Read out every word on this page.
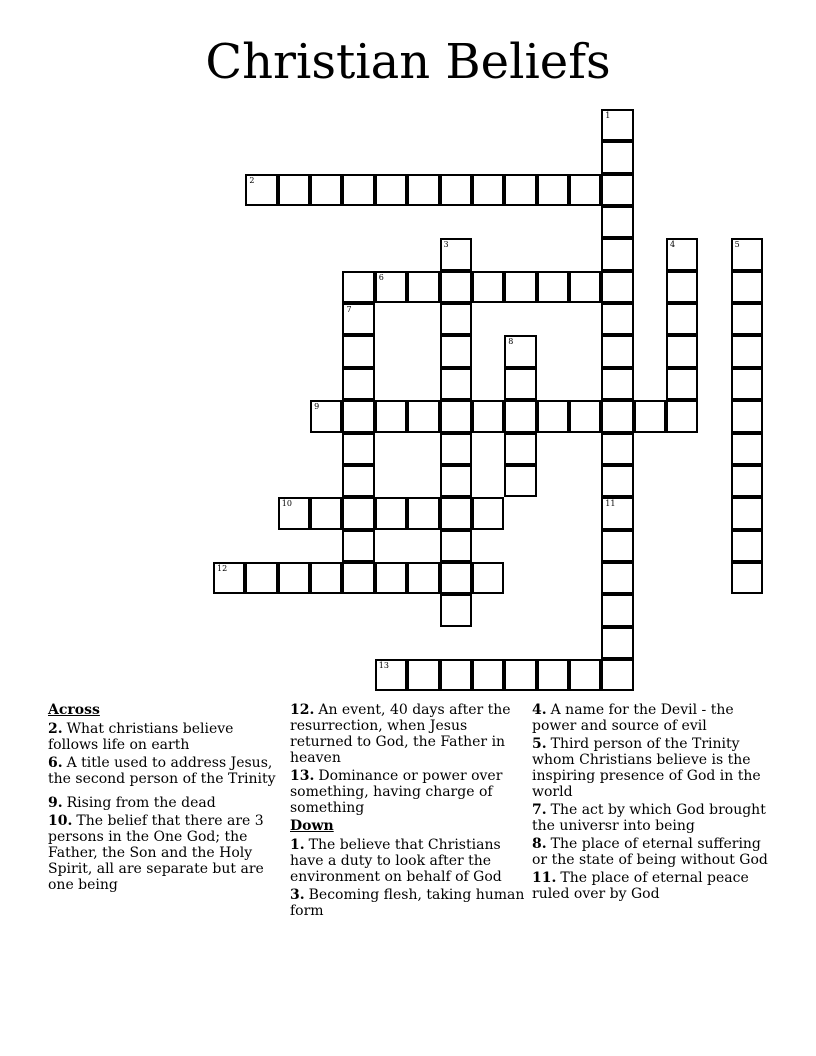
Christian Beliefs
1
2
6
9
10
12
13
3	4	5
7
8
11
Across
2. What christians believe follows life on earth
6. A title used to address Jesus, the second person of the Trinity
9. Rising from the dead
10. The belief that there are 3 persons in the One God; the Father, the Son and the Holy Spirit, all are separate but are one being
12. An event, 40 days after the resurrection, when Jesus returned to God, the Father in heaven
13. Dominance or power over something, having charge of something
Down
1. The believe that Christians have a duty to look after the environment on behalf of God
3. Becoming flesh, taking human form
4. A name for the Devil - the power and source of evil
5. Third person of the Trinity whom Christians believe is the inspiring presence of God in the world
7. The act by which God brought the universr into being
8. The place of eternal suffering or the state of being without God
11. The place of eternal peace ruled over by God
